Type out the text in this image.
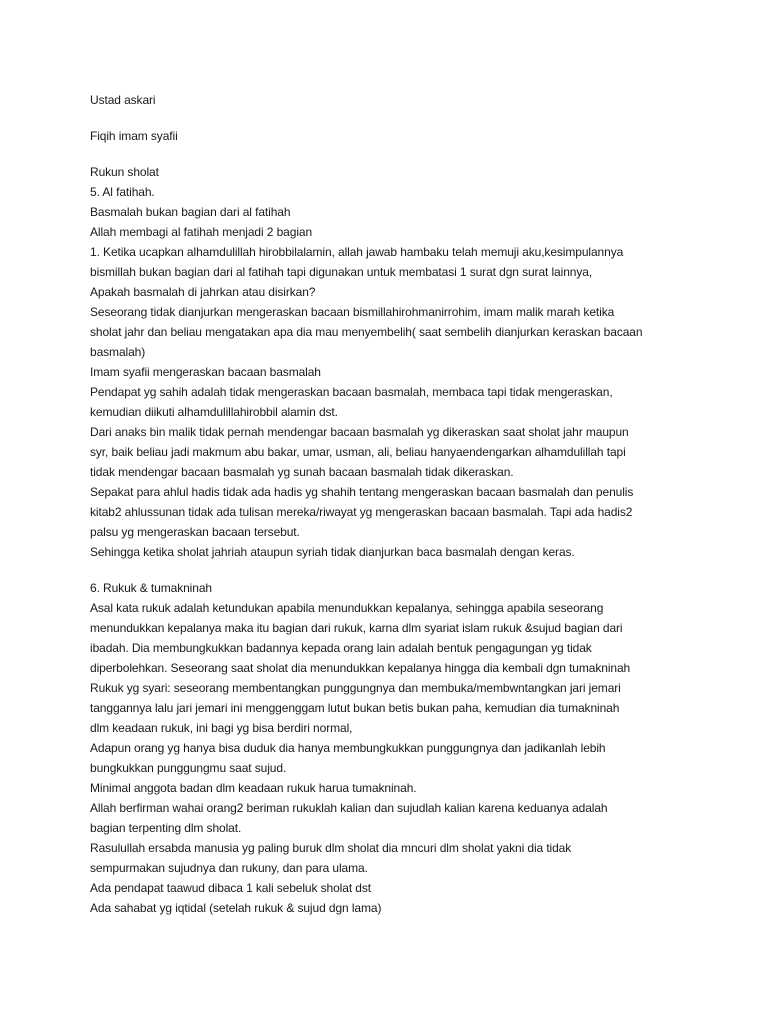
Ustad askari
Fiqih imam syafii
Rukun sholat
5. Al fatihah.
Basmalah bukan bagian dari al fatihah
Allah membagi al fatihah menjadi 2 bagian
1. Ketika ucapkan alhamdulillah hirobbilalamin, allah jawab hambaku telah memuji aku,kesimpulannya
bismillah bukan bagian dari al fatihah tapi digunakan untuk membatasi 1 surat dgn surat lainnya,
Apakah basmalah di jahrkan atau disirkan?
Seseorang tidak dianjurkan mengeraskan bacaan bismillahirohmanirrohim, imam malik marah ketika
sholat jahr dan beliau mengatakan apa dia mau menyembelih( saat sembelih dianjurkan keraskan bacaan
basmalah)
Imam syafii mengeraskan bacaan basmalah
Pendapat yg sahih adalah tidak mengeraskan bacaan basmalah, membaca tapi tidak mengeraskan,
kemudian diikuti alhamdulillahirobbil alamin dst.
Dari anaks bin malik tidak pernah mendengar bacaan basmalah yg dikeraskan saat sholat jahr maupun
syr, baik beliau jadi makmum abu bakar, umar, usman, ali, beliau hanyaendengarkan alhamdulillah tapi
tidak mendengar bacaan basmalah yg sunah bacaan basmalah tidak dikeraskan.
Sepakat para ahlul hadis tidak ada hadis yg shahih tentang mengeraskan bacaan basmalah dan penulis
kitab2 ahlussunan tidak ada tulisan mereka/riwayat yg mengeraskan bacaan basmalah. Tapi ada hadis2
palsu yg mengeraskan bacaan tersebut.
Sehingga ketika sholat jahriah ataupun syriah tidak dianjurkan baca basmalah dengan keras.
6. Rukuk & tumakninah
Asal kata rukuk adalah ketundukan apabila menundukkan kepalanya, sehingga apabila seseorang
menundukkan kepalanya maka itu bagian dari rukuk, karna dlm syariat islam rukuk &sujud bagian dari
ibadah. Dia membungkukkan badannya kepada orang lain adalah bentuk pengagungan yg tidak
diperbolehkan. Seseorang saat sholat dia menundukkan kepalanya hingga dia kembali dgn tumakninah
Rukuk yg syari: seseorang membentangkan punggungnya dan membuka/membwntangkan jari jemari
tanggannya lalu jari jemari ini menggenggam lutut bukan betis bukan paha, kemudian dia tumakninah
dlm keadaan rukuk, ini bagi yg bisa berdiri normal,
Adapun orang yg hanya bisa duduk dia hanya membungkukkan punggungnya dan jadikanlah lebih
bungkukkan punggungmu saat sujud.
Minimal anggota badan dlm keadaan rukuk harua tumakninah.
Allah berfirman wahai orang2 beriman rukuklah kalian dan sujudlah kalian karena keduanya adalah
bagian terpenting dlm sholat.
Rasulullah ersabda manusia yg paling buruk dlm sholat dia mncuri dlm sholat yakni dia tidak
sempurmakan sujudnya dan rukuny, dan para ulama.
Ada pendapat taawud dibaca 1 kali sebeluk sholat dst
Ada sahabat yg iqtidal (setelah rukuk & sujud dgn lama)
